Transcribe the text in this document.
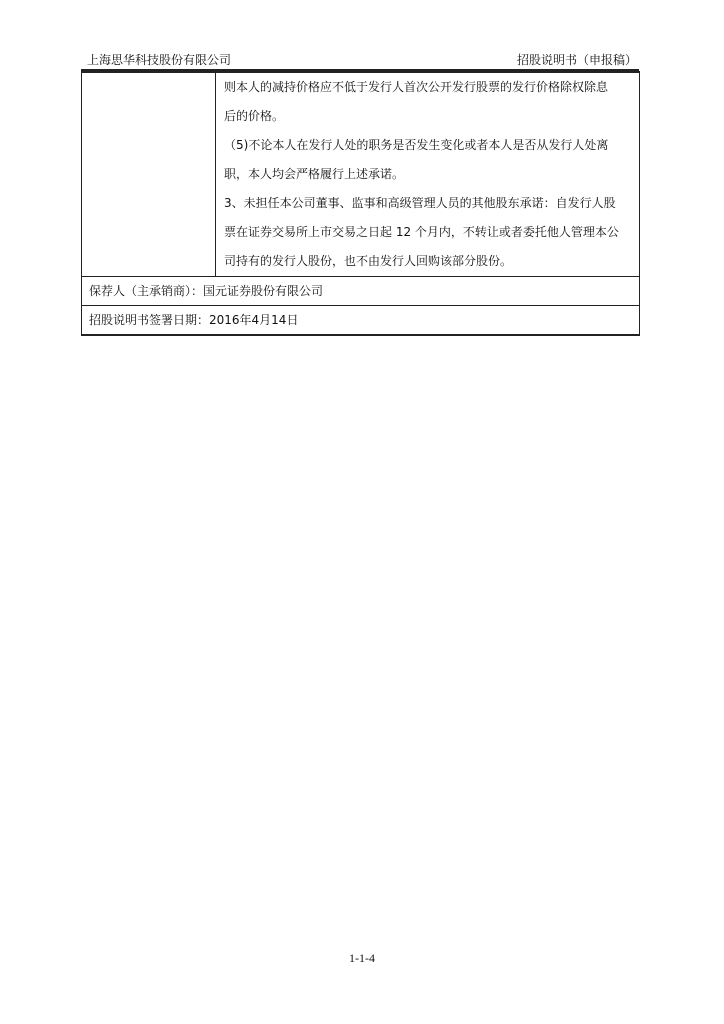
上海思华科技股份有限公司	招股说明书（申报稿）
则本人的减持价格应不低于发行人首次公开发行股票的发行价格除权除息
后的价格。
（5)不论本人在发行人处的职务是否发生变化或者本人是否从发行人处离
职，本人均会严格履行上述承诺。
3、未担任本公司董事、监事和高级管理人员的其他股东承诺：自发行人股
票在证券交易所上市交易之日起 12 个月内，不转让或者委托他人管理本公
司持有的发行人股份，也不由发行人回购该部分股份。
保荐人（主承销商）：国元证券股份有限公司
招股说明书签署日期：2016年4月14日
1-1-4
